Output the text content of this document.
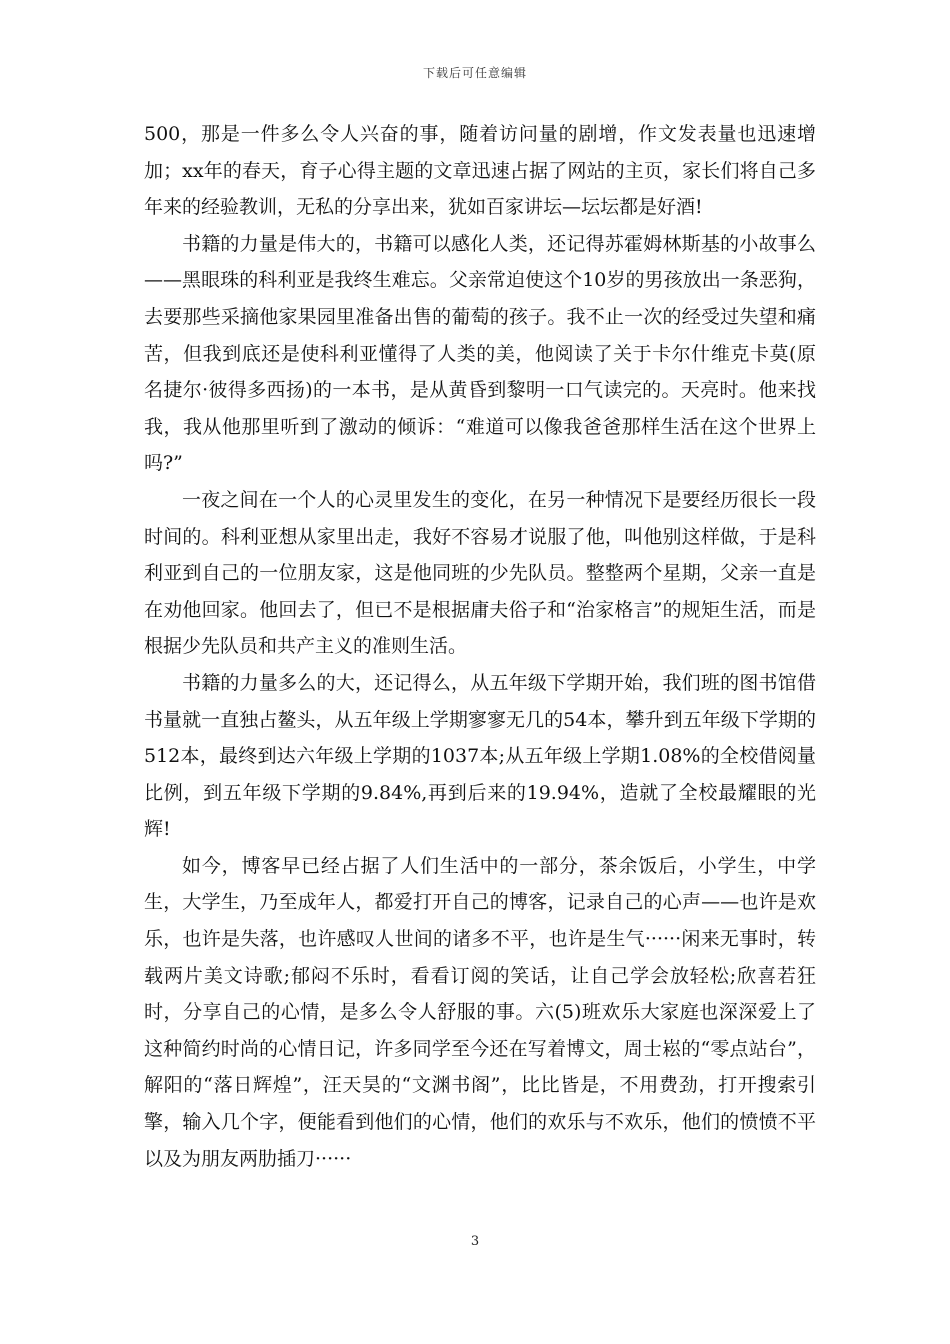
下载后可任意编辑

500，那是一件多么令人兴奋的事，随着访问量的剧增，作文发表量也迅速增加；xx年的春天，育子心得主题的文章迅速占据了网站的主页，家长们将自己多年来的经验教训，无私的分享出来，犹如百家讲坛—坛坛都是好酒!

书籍的力量是伟大的，书籍可以感化人类，还记得苏霍姆林斯基的小故事么——黑眼珠的科利亚是我终生难忘。父亲常迫使这个10岁的男孩放出一条恶狗，去要那些采摘他家果园里准备出售的葡萄的孩子。我不止一次的经受过失望和痛苦，但我到底还是使科利亚懂得了人类的美，他阅读了关于卡尔什维克卡莫(原名捷尔·彼得多西扬)的一本书，是从黄昏到黎明一口气读完的。天亮时。他来找我，我从他那里听到了激动的倾诉：“难道可以像我爸爸那样生活在这个世界上吗?”

一夜之间在一个人的心灵里发生的变化，在另一种情况下是要经历很长一段时间的。科利亚想从家里出走，我好不容易才说服了他，叫他别这样做，于是科利亚到自己的一位朋友家，这是他同班的少先队员。整整两个星期，父亲一直是在劝他回家。他回去了，但已不是根据庸夫俗子和“治家格言”的规矩生活，而是根据少先队员和共产主义的准则生活。

书籍的力量多么的大，还记得么，从五年级下学期开始，我们班的图书馆借书量就一直独占鳌头，从五年级上学期寥寥无几的54本，攀升到五年级下学期的512本，最终到达六年级上学期的1037本;从五年级上学期1.08%的全校借阅量比例，到五年级下学期的9.84%,再到后来的19.94%，造就了全校最耀眼的光辉!

如今，博客早已经占据了人们生活中的一部分，茶余饭后，小学生，中学生，大学生，乃至成年人，都爱打开自己的博客，记录自己的心声——也许是欢乐，也许是失落，也许感叹人世间的诸多不平，也许是生气······闲来无事时，转载两片美文诗歌;郁闷不乐时，看看订阅的笑话，让自己学会放轻松;欣喜若狂时，分享自己的心情，是多么令人舒服的事。六(5)班欢乐大家庭也深深爱上了这种简约时尚的心情日记，许多同学至今还在写着博文，周士崧的“零点站台”，解阳的“落日辉煌”，汪天昊的“文渊书阁”，比比皆是，不用费劲，打开搜索引擎，输入几个字，便能看到他们的心情，他们的欢乐与不欢乐，他们的愤愤不平以及为朋友两肋插刀······

3
